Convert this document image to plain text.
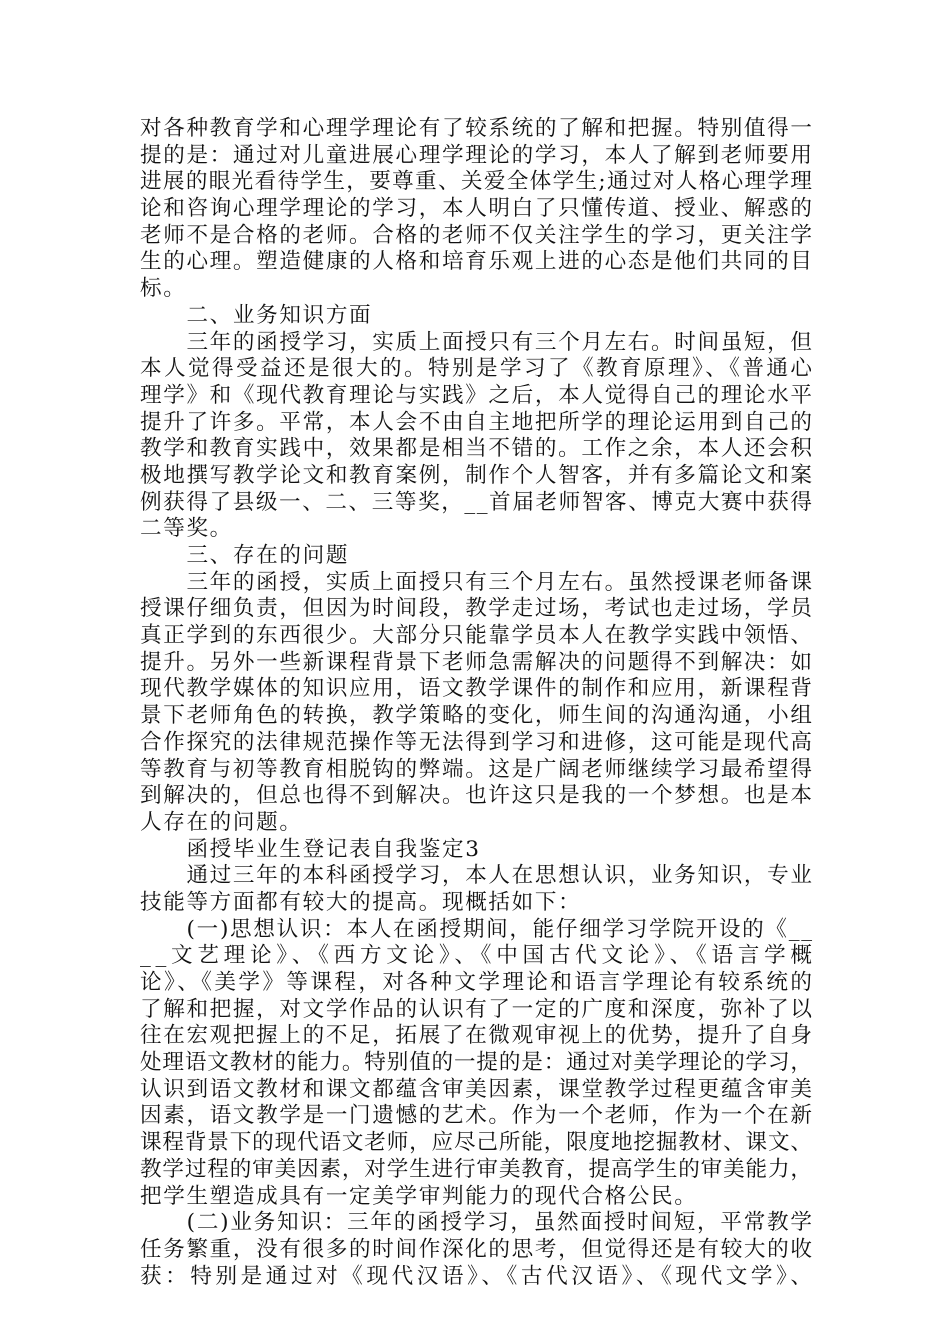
对各种教育学和心理学理论有了较系统的了解和把握。特别值得一
提的是：通过对儿童进展心理学理论的学习，本人了解到老师要用
进展的眼光看待学生，要尊重、关爱全体学生;通过对人格心理学理
论和咨询心理学理论的学习，本人明白了只懂传道、授业、解惑的
老师不是合格的老师。合格的老师不仅关注学生的学习，更关注学
生的心理。塑造健康的人格和培育乐观上进的心态是他们共同的目
标。
　　二、业务知识方面
　　三年的函授学习，实质上面授只有三个月左右。时间虽短，但
本人觉得受益还是很大的。特别是学习了《教育原理》、《普通心
理学》和《现代教育理论与实践》之后，本人觉得自己的理论水平
提升了许多。平常，本人会不由自主地把所学的理论运用到自己的
教学和教育实践中，效果都是相当不错的。工作之余，本人还会积
极地撰写教学论文和教育案例，制作个人智客，并有多篇论文和案
例获得了县级一、二、三等奖，__首届老师智客、博克大赛中获得
二等奖。
　　三、存在的问题
　　三年的函授，实质上面授只有三个月左右。虽然授课老师备课
授课仔细负责，但因为时间段，教学走过场，考试也走过场，学员
真正学到的东西很少。大部分只能靠学员本人在教学实践中领悟、
提升。另外一些新课程背景下老师急需解决的问题得不到解决：如
现代教学媒体的知识应用，语文教学课件的制作和应用，新课程背
景下老师角色的转换，教学策略的变化，师生间的沟通沟通，小组
合作探究的法律规范操作等无法得到学习和进修，这可能是现代高
等教育与初等教育相脱钩的弊端。这是广阔老师继续学习最希望得
到解决的，但总也得不到解决。也许这只是我的一个梦想。也是本
人存在的问题。
　　函授毕业生登记表自我鉴定3
　　通过三年的本科函授学习，本人在思想认识，业务知识，专业
技能等方面都有较大的提高。现概括如下：
　　(一)思想认识：本人在函授期间，能仔细学习学院开设的《__
__文艺理论》、《西方文论》、《中国古代文论》、《语言学概
论》、《美学》等课程，对各种文学理论和语言学理论有较系统的
了解和把握，对文学作品的认识有了一定的广度和深度，弥补了以
往在宏观把握上的不足，拓展了在微观审视上的优势，提升了自身
处理语文教材的能力。特别值的一提的是：通过对美学理论的学习，
认识到语文教材和课文都蕴含审美因素，课堂教学过程更蕴含审美
因素，语文教学是一门遗憾的艺术。作为一个老师，作为一个在新
课程背景下的现代语文老师，应尽己所能，限度地挖掘教材、课文、
教学过程的审美因素，对学生进行审美教育，提高学生的审美能力，
把学生塑造成具有一定美学审判能力的现代合格公民。
　　(二)业务知识：三年的函授学习，虽然面授时间短，平常教学
任务繁重，没有很多的时间作深化的思考，但觉得还是有较大的收
获：特别是通过对《现代汉语》、《古代汉语》、《现代文学》、
